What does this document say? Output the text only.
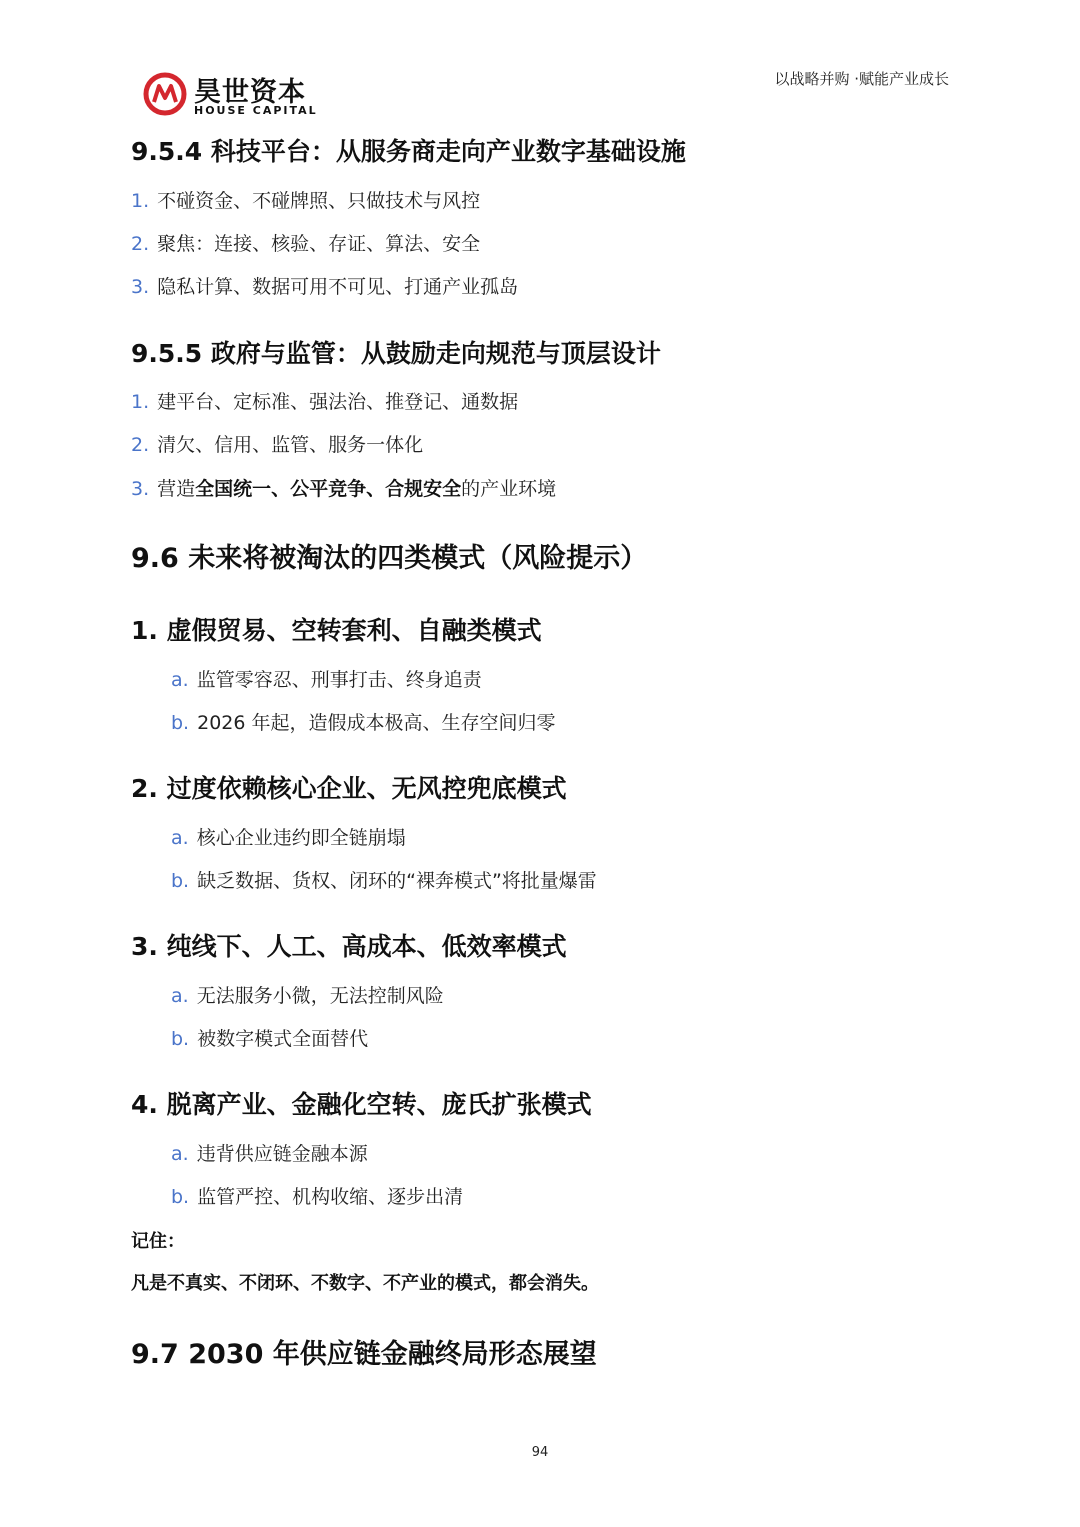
昊世资本
HOUSE CAPITAL
以战略并购 ·赋能产业成长
9.5.4 科技平台：从服务商走向产业数字基础设施
1. 不碰资金、不碰牌照、只做技术与风控
2. 聚焦：连接、核验、存证、算法、安全
3. 隐私计算、数据可用不可见、打通产业孤岛
9.5.5 政府与监管：从鼓励走向规范与顶层设计
1. 建平台、定标准、强法治、推登记、通数据
2. 清欠、信用、监管、服务一体化
3. 营造全国统一、公平竞争、合规安全的产业环境
9.6 未来将被淘汰的四类模式（风险提示）
1. 虚假贸易、空转套利、自融类模式
a. 监管零容忍、刑事打击、终身追责
b. 2026 年起，造假成本极高、生存空间归零
2. 过度依赖核心企业、无风控兜底模式
a. 核心企业违约即全链崩塌
b. 缺乏数据、货权、闭环的“裸奔模式”将批量爆雷
3. 纯线下、人工、高成本、低效率模式
a. 无法服务小微，无法控制风险
b. 被数字模式全面替代
4. 脱离产业、金融化空转、庞氏扩张模式
a. 违背供应链金融本源
b. 监管严控、机构收缩、逐步出清
记住：
凡是不真实、不闭环、不数字、不产业的模式，都会消失。
9.7 2030 年供应链金融终局形态展望
94
